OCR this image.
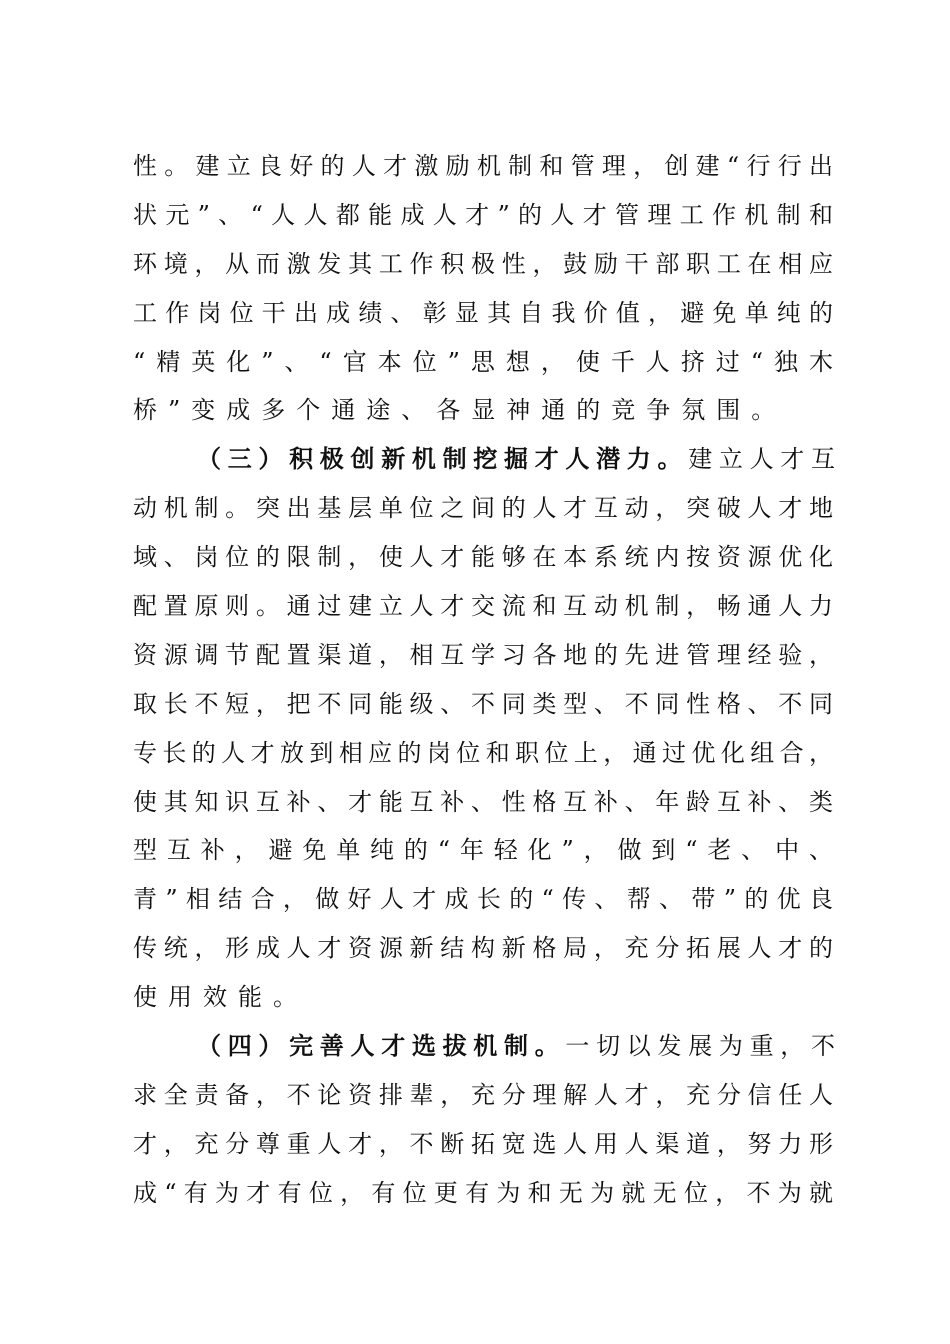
性。建立良好的人才激励机制和管理，创建“行行出
状元”、“人人都能成人才”的人才管理工作机制和
环境，从而激发其工作积极性，鼓励干部职工在相应
工作岗位干出成绩、彰显其自我价值，避免单纯的
“精英化”、“官本位”思想，使千人挤过“独木
桥”变成多个通途、各显神通的竞争氛围。
（三）积极创新机制挖掘才人潜力。建立人才互
动机制。突出基层单位之间的人才互动，突破人才地
域、岗位的限制，使人才能够在本系统内按资源优化
配置原则。通过建立人才交流和互动机制，畅通人力
资源调节配置渠道，相互学习各地的先进管理经验，
取长不短，把不同能级、不同类型、不同性格、不同
专长的人才放到相应的岗位和职位上，通过优化组合，
使其知识互补、才能互补、性格互补、年龄互补、类
型互补，避免单纯的“年轻化”，做到“老、中、
青”相结合，做好人才成长的“传、帮、带”的优良
传统，形成人才资源新结构新格局，充分拓展人才的
使用效能。
（四）完善人才选拔机制。一切以发展为重，不
求全责备，不论资排辈，充分理解人才，充分信任人
才，充分尊重人才，不断拓宽选人用人渠道，努力形
成“有为才有位，有位更有为和无为就无位，不为就
